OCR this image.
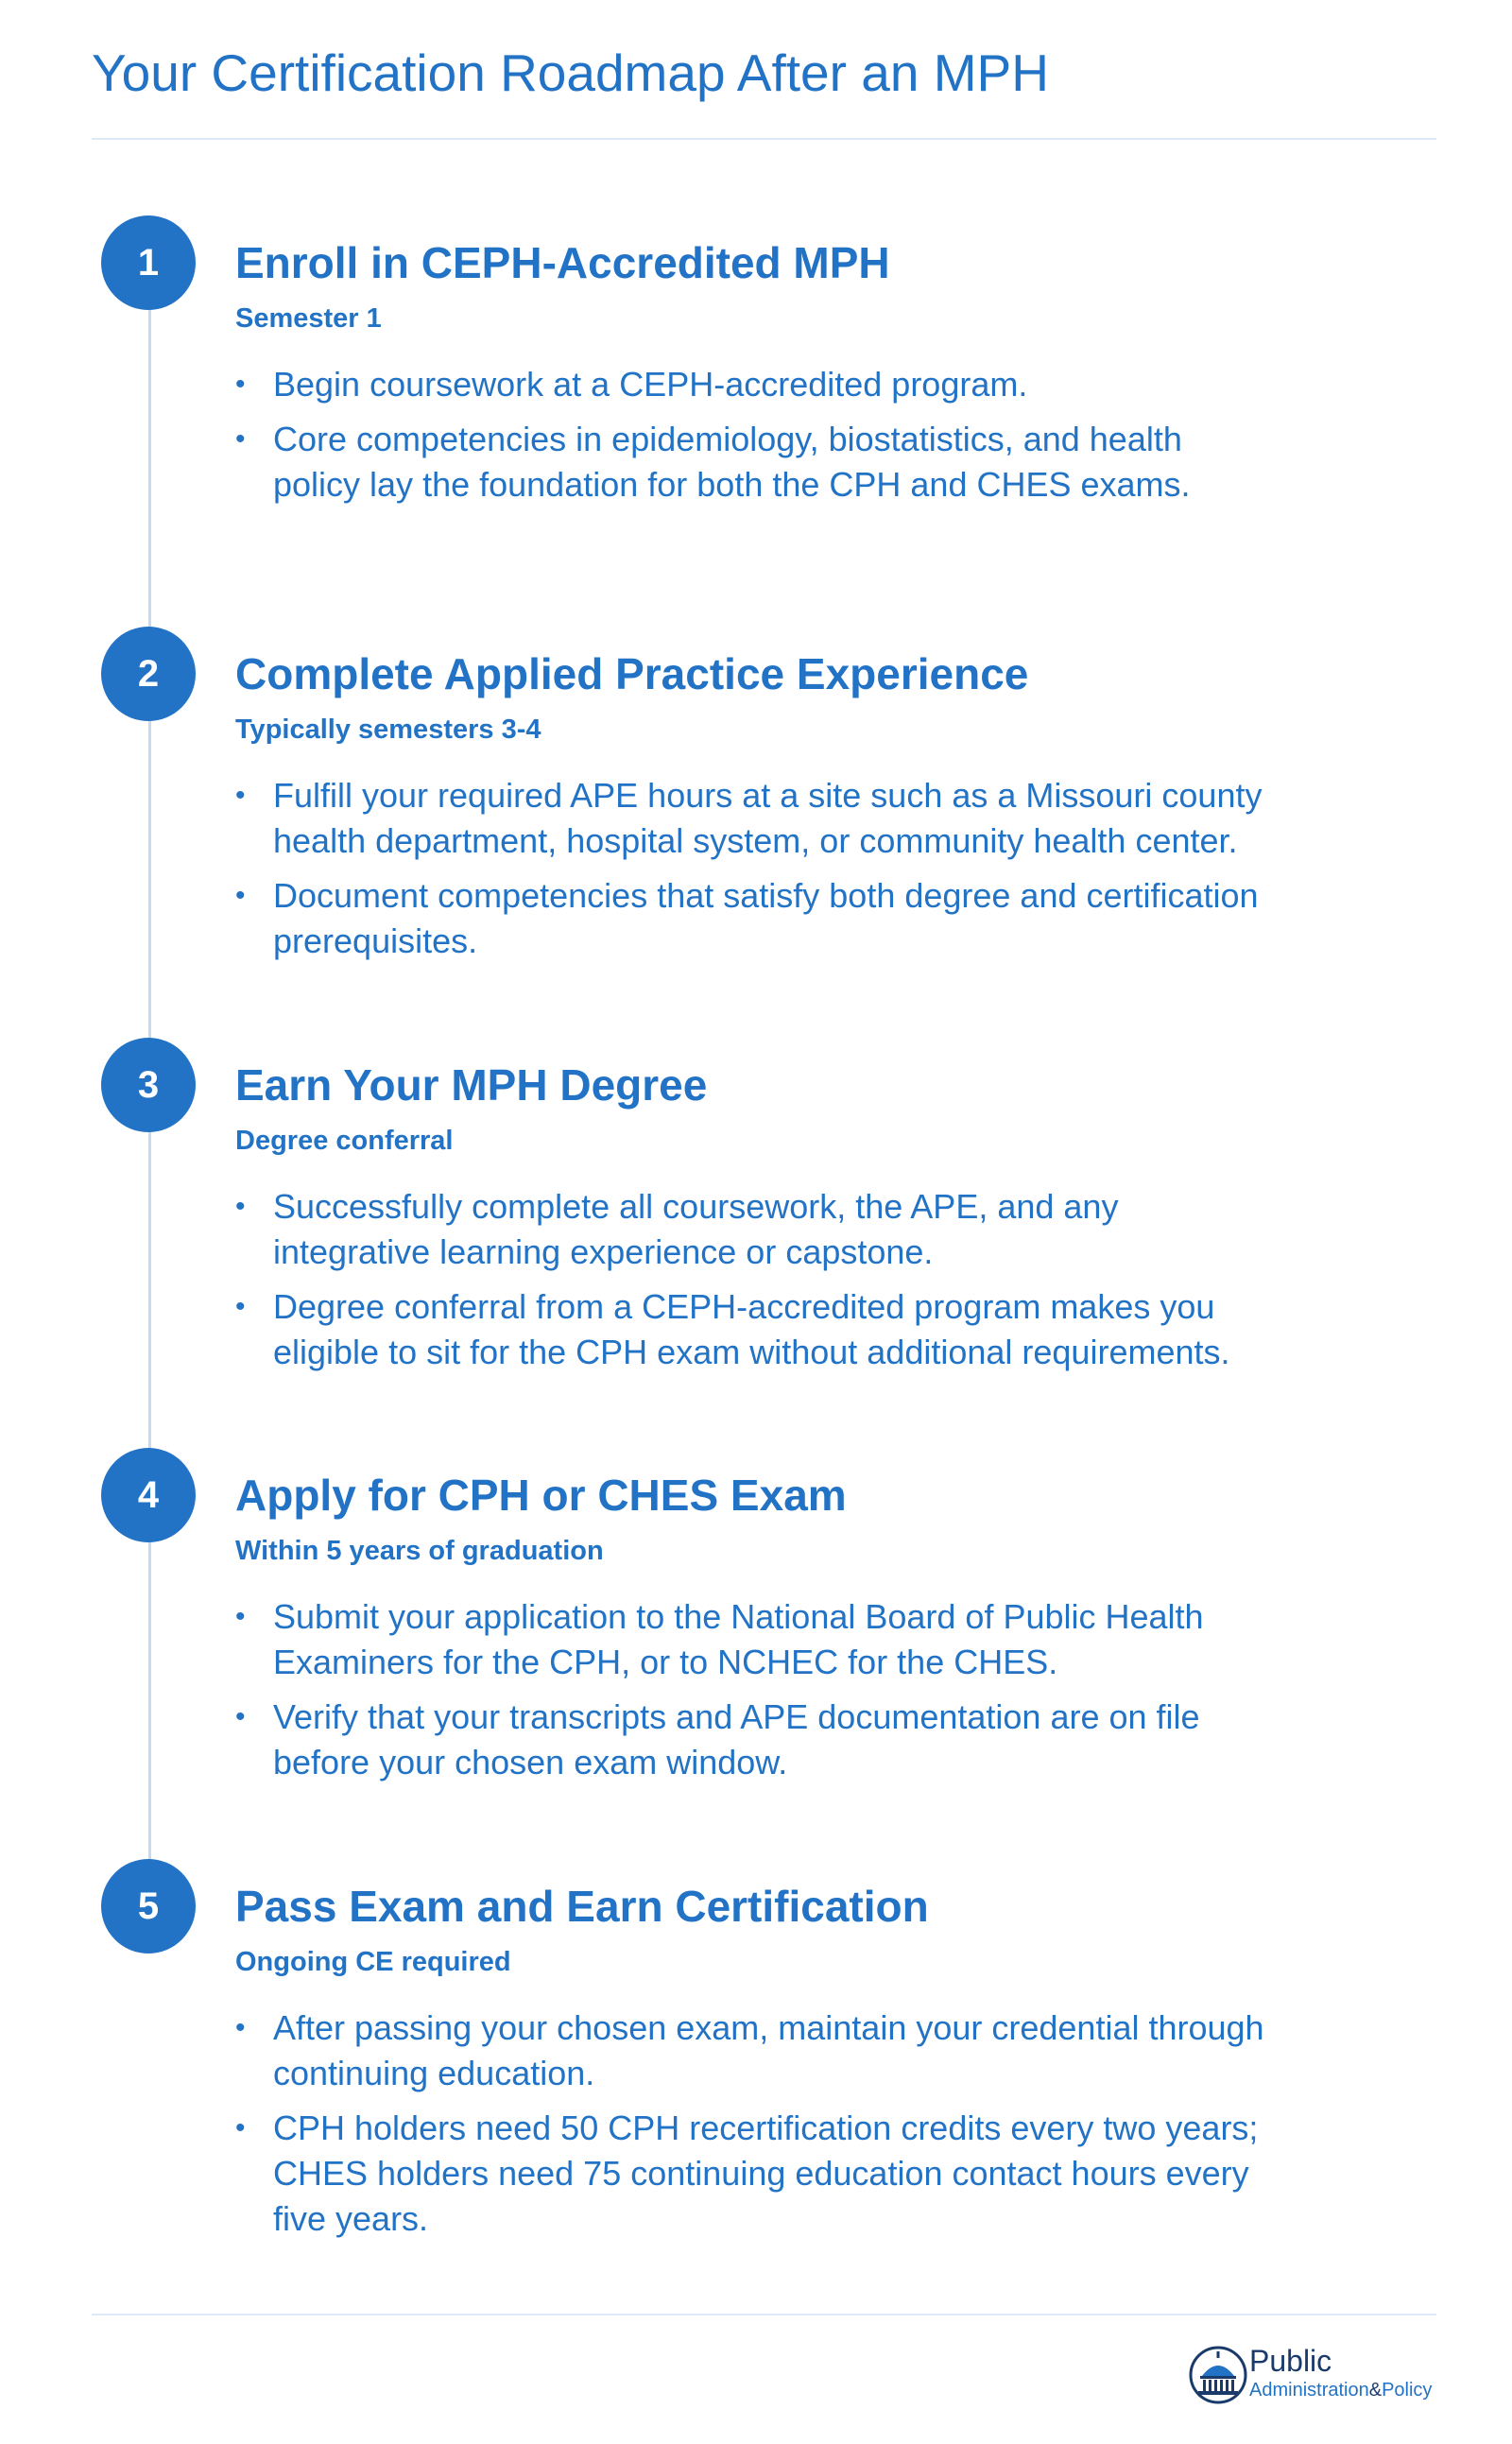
Your Certification Roadmap After an MPH
1	Enroll in CEPH-Accredited MPH
Semester 1
• Begin coursework at a CEPH-accredited program.
• Core competencies in epidemiology, biostatistics, and health policy lay the foundation for both the CPH and CHES exams.
2	Complete Applied Practice Experience
Typically semesters 3-4
• Fulfill your required APE hours at a site such as a Missouri county health department, hospital system, or community health center.
• Document competencies that satisfy both degree and certification prerequisites.
3	Earn Your MPH Degree
Degree conferral
• Successfully complete all coursework, the APE, and any integrative learning experience or capstone.
• Degree conferral from a CEPH-accredited program makes you eligible to sit for the CPH exam without additional requirements.
4	Apply for CPH or CHES Exam
Within 5 years of graduation
• Submit your application to the National Board of Public Health Examiners for the CPH, or to NCHEC for the CHES.
• Verify that your transcripts and APE documentation are on file before your chosen exam window.
5	Pass Exam and Earn Certification
Ongoing CE required
• After passing your chosen exam, maintain your credential through continuing education.
• CPH holders need 50 CPH recertification credits every two years; CHES holders need 75 continuing education contact hours every five years.
Public
Administration&Policy
